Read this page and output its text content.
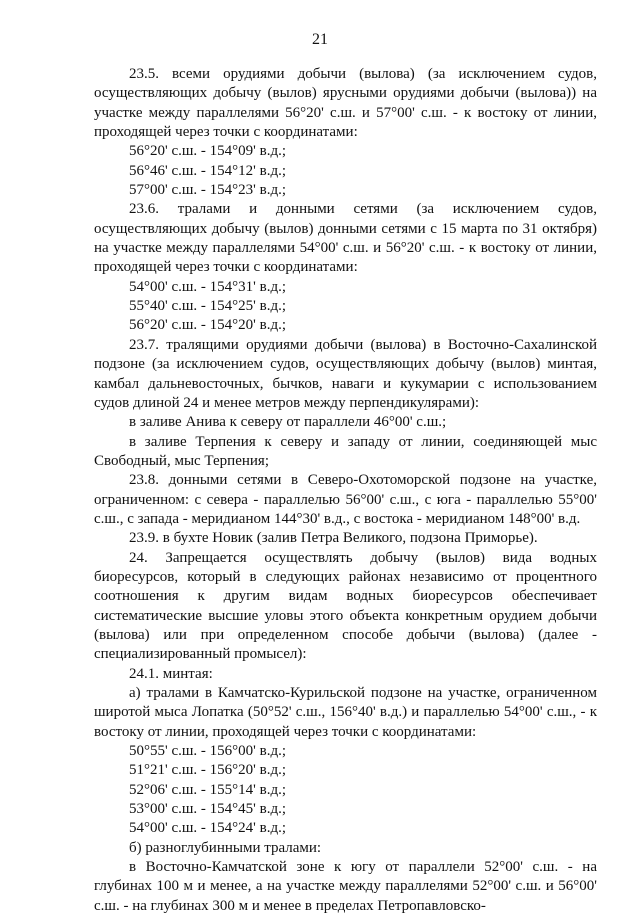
21

23.5. всеми орудиями добычи (вылова) (за исключением судов, осуществляющих добычу (вылов) ярусными орудиями добычи (вылова)) на участке между параллелями 56°20' с.ш. и 57°00' с.ш. - к востоку от линии, проходящей через точки с координатами:

56°20' с.ш. - 154°09' в.д.;

56°46' с.ш. - 154°12' в.д.;

57°00' с.ш. - 154°23' в.д.;

23.6. тралами и донными сетями (за исключением судов, осуществляющих добычу (вылов) донными сетями с 15 марта по 31 октября) на участке между параллелями 54°00' с.ш. и 56°20' с.ш. - к востоку от линии, проходящей через точки с координатами:

54°00' с.ш. - 154°31' в.д.;

55°40' с.ш. - 154°25' в.д.;

56°20' с.ш. - 154°20' в.д.;

23.7. тралящими орудиями добычи (вылова) в Восточно-Сахалинской подзоне (за исключением судов, осуществляющих добычу (вылов) минтая, камбал дальневосточных, бычков, наваги и кукумарии с использованием судов длиной 24 и менее метров между перпендикулярами):

в заливе Анива к северу от параллели 46°00' с.ш.;

в заливе Терпения к северу и западу от линии, соединяющей мыс Свободный, мыс Терпения;

23.8. донными сетями в Северо-Охотоморской подзоне на участке, ограниченном: с севера - параллелью 56°00' с.ш., с юга - параллелью 55°00' с.ш., с запада - меридианом 144°30' в.д., с востока - меридианом 148°00' в.д.

23.9. в бухте Новик (залив Петра Великого, подзона Приморье).

24. Запрещается осуществлять добычу (вылов) вида водных биоресурсов, который в следующих районах независимо от процентного соотношения к другим видам водных биоресурсов обеспечивает систематические высшие уловы этого объекта конкретным орудием добычи (вылова) или при определенном способе добычи (вылова) (далее - специализированный промысел):

24.1. минтая:

а) тралами в Камчатско-Курильской подзоне на участке, ограниченном широтой мыса Лопатка (50°52' с.ш., 156°40' в.д.) и параллелью 54°00' с.ш., - к востоку от линии, проходящей через точки с координатами:

50°55' с.ш. - 156°00' в.д.;

51°21' с.ш. - 156°20' в.д.;

52°06' с.ш. - 155°14' в.д.;

53°00' с.ш. - 154°45' в.д.;

54°00' с.ш. - 154°24' в.д.;

б) разноглубинными тралами:

в Восточно-Камчатской зоне к югу от параллели 52°00' с.ш. - на глубинах 100 м и менее, а на участке между параллелями 52°00' с.ш. и 56°00' с.ш. - на глубинах 300 м и менее в пределах Петропавловско-
